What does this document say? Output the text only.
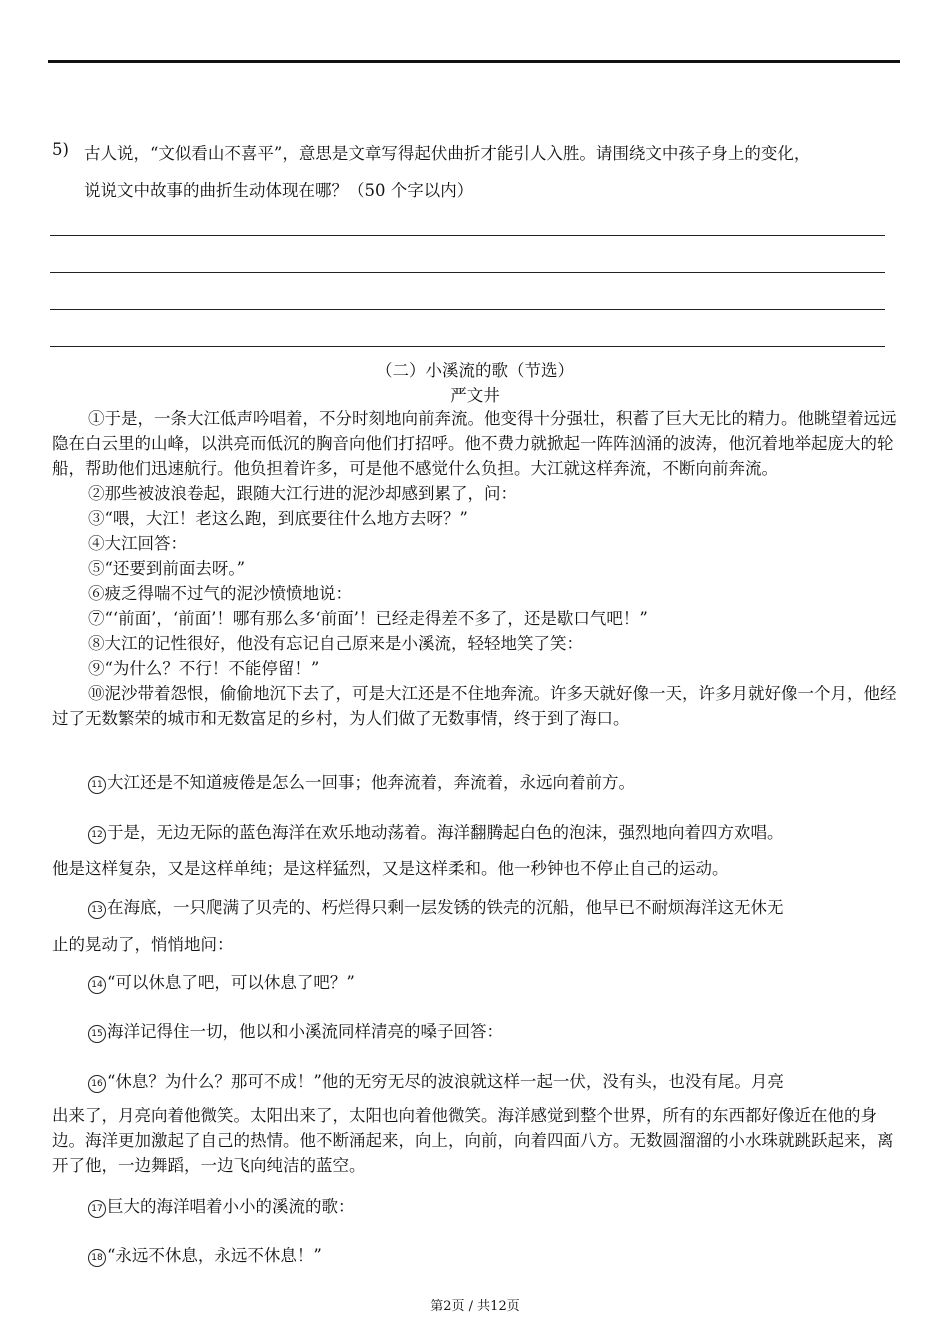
5) 古人说，“文似看山不喜平”，意思是文章写得起伏曲折才能引人入胜。请围绕文中孩子身上的变化，
说说文中故事的曲折生动体现在哪？（50 个字以内）
（二）小溪流的歌（节选）
严文井

①于是，一条大江低声吟唱着，不分时刻地向前奔流。他变得十分强壮，积蓄了巨大无比的精力。他眺望着远远隐在白云里的山峰，以洪亮而低沉的胸音向他们打招呼。他不费力就掀起一阵阵汹涌的波涛，他沉着地举起庞大的轮船，帮助他们迅速航行。他负担着许多，可是他不感觉什么负担。大江就这样奔流，不断向前奔流。

②那些被波浪卷起，跟随大江行进的泥沙却感到累了，问：

③“喂，大江！老这么跑，到底要往什么地方去呀？”

④大江回答：

⑤“还要到前面去呀。”

⑥疲乏得喘不过气的泥沙愤愤地说：

⑦“‘前面’，‘前面’！哪有那么多‘前面’！已经走得差不多了，还是歇口气吧！”

⑧大江的记性很好，他没有忘记自己原来是小溪流，轻轻地笑了笑：

⑨“为什么？不行！不能停留！”

⑩泥沙带着怨恨，偷偷地沉下去了，可是大江还是不住地奔流。许多天就好像一天，许多月就好像一个月，他经过了无数繁荣的城市和无数富足的乡村，为人们做了无数事情，终于到了海口。

11 大江还是不知道疲倦是怎么一回事；他奔流着，奔流着，永远向着前方。
12 于是，无边无际的蓝色海洋在欢乐地动荡着。海洋翻腾起白色的泡沫，强烈地向着四方欢唱。
他是这样复杂，又是这样单纯；是这样猛烈，又是这样柔和。他一秒钟也不停止自己的运动。
13 在海底，一只爬满了贝壳的、朽烂得只剩一层发锈的铁壳的沉船，他早已不耐烦海洋这无休无
止的晃动了，悄悄地问：
14 “可以休息了吧，可以休息了吧？”
15 海洋记得住一切，他以和小溪流同样清亮的嗓子回答：
16 “休息？为什么？那可不成！”他的无穷无尽的波浪就这样一起一伏，没有头，也没有尾。月亮
出来了，月亮向着他微笑。太阳出来了，太阳也向着他微笑。海洋感觉到整个世界，所有的东西都好像近在他的身边。海洋更加激起了自己的热情。他不断涌起来，向上，向前，向着四面八方。无数圆溜溜的小水珠就跳跃起来，离开了他，一边舞蹈，一边飞向纯洁的蓝空。
17 巨大的海洋唱着小小的溪流的歌：
18 “永远不休息，永远不休息！”
第2页 / 共12页
